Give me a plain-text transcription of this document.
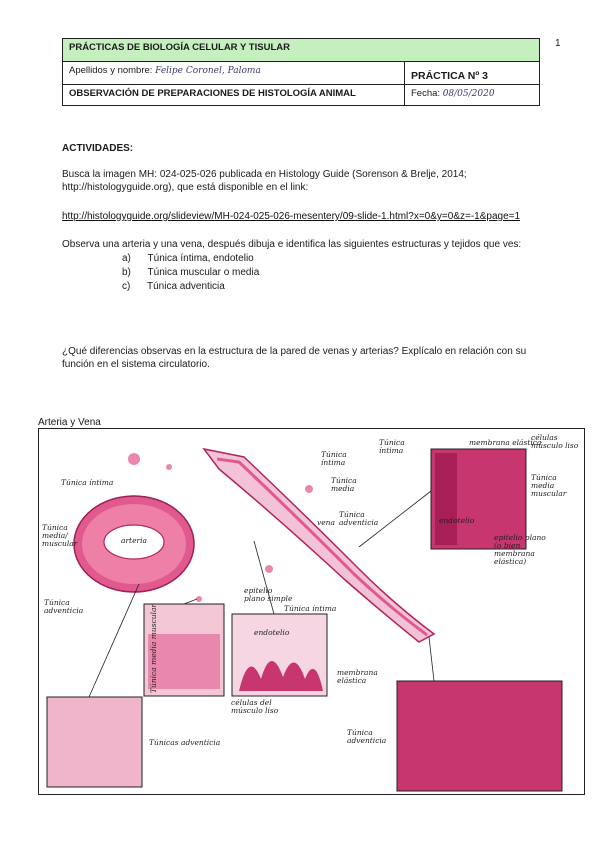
1
PRÁCTICAS DE BIOLOGÍA CELULAR Y TISULAR
Apellidos y nombre: Felipe Coronel, Paloma	PRÁCTICA Nº 3
OBSERVACIÓN DE PREPARACIONES DE HISTOLOGÍA ANIMAL	Fecha: 08/05/2020
ACTIVIDADES:
Busca la imagen MH: 024-025-026 publicada en Histology Guide (Sorenson & Brelje, 2014; http://histologyguide.org), que está disponible en el link:
http://histologyguide.org/slideview/MH-024-025-026-mesentery/09-slide-1.html?x=0&y=0&z=-1&page=1
Observa una arteria y una vena, después dibuja e identifica las siguientes estructuras y tejidos que ves:
a)      Túnica íntima, endotelio
b)      Túnica muscular o media
c)      Túnica adventicia
¿Qué diferencias observas en la estructura de la pared de venas y arterias? Explícalo en relación con su función en el sistema circulatorio.
Arteria y Vena
Túnica íntima
Túnica media/ muscular
Túnica adventicia
arteria
vena
Túnica íntima
Túnica media
Túnica adventicia
Túnica íntima
membrana elástica
células músculo liso
Túnica media muscular
endotelio
epitelio plano (o bien membrana elástica)
epitelio plano simple
Túnica íntima
endotelio
células del músculo liso
membrana elástica
Túnica media muscular
Túnicas adventicia
Túnica adventicia
